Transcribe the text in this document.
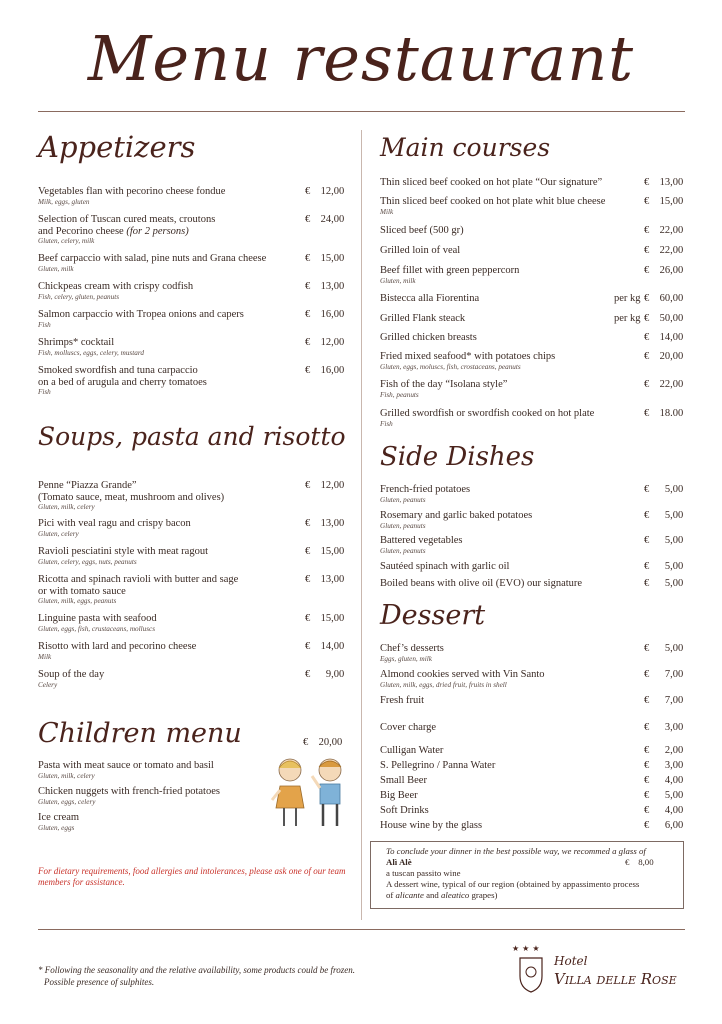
Menu restaurant
Appetizers
Soups, pasta and risotto
Children menu
Main courses
Side Dishes
Dessert
Vegetables flan with pecorino cheese fondue
Milk, eggs, gluten
€ 12,00
Selection of Tuscan cured meats, croutons
and Pecorino cheese (for 2 persons)
Gluten, celery, milk
€ 24,00
Beef carpaccio with salad, pine nuts and Grana cheese
Gluten, milk
€ 15,00
Chickpeas cream with crispy codfish
Fish, celery, gluten, peanuts
€ 13,00
Salmon carpaccio with Tropea onions and capers
Fish
€ 16,00
Shrimps* cocktail
Fish, molluscs, eggs, celery, mustard
€ 12,00
Smoked swordfish and tuna carpaccio
on a bed of arugula and cherry tomatoes
Fish
€ 16,00
Penne “Piazza Grande”
(Tomato sauce, meat, mushroom and olives)
Gluten, milk, celery
€ 12,00
Pici with veal ragu and crispy bacon
Gluten, celery
€ 13,00
Ravioli pesciatini style with meat ragout
Gluten, celery, eggs, nuts, peanuts
€ 15,00
Ricotta and spinach ravioli with butter and sage
or with tomato sauce
Gluten, milk, eggs, peanuts
€ 13,00
Linguine pasta with seafood
Gluten, eggs, fish, crustaceans, molluscs
€ 15,00
Risotto with lard and pecorino cheese
Milk
€ 14,00
Soup of the day
Celery
€ 9,00
Pasta with meat sauce or tomato and basil
Gluten, milk, celery
Chicken nuggets with french-fried potatoes
Gluten, eggs, celery
Ice cream
Gluten, eggs
€ 20,00
Thin sliced beef cooked on hot plate “Our signature”	€ 13,00
Thin sliced beef cooked on hot plate whit blue cheese
Milk
€ 15,00
Sliced beef (500 gr)	€ 22,00
Grilled loin of veal	€ 22,00
Beef fillet with green peppercorn
Gluten, milk
€ 26,00
Bistecca alla Fiorentina	per kg € 60,00
Grilled Flank steack	per kg € 50,00
Grilled chicken breasts	€ 14,00
Fried mixed seafood* with potatoes chips
Gluten, eggs, moluscs, fish, crostaceans, peanuts
€ 20,00
Fish of the day “Isolana style”
Fish, peanuts
€ 22,00
Grilled swordfish or swordfish cooked on hot plate
Fish
€ 18.00
French-fried potatoes
Gluten, peanuts
€ 5,00
Rosemary and garlic baked potatoes
Gluten, peanuts
€ 5,00
Battered vegetables
Gluten, peanuts
€ 5,00
Sautéed spinach with garlic oil	€ 5,00
Boiled beans with olive oil (EVO) our signature	€ 5,00
Chef’s desserts
Eggs, gluten, milk
€ 5,00
Almond cookies served with Vin Santo
Gluten, milk, eggs, dried fruit, fruits in shell
€ 7,00
Fresh fruit	€ 7,00
Cover charge	€ 3,00
Culligan Water	€ 2,00
S. Pellegrino / Panna Water	€ 3,00
Small Beer	€ 4,00
Big Beer	€ 5,00
Soft Drinks	€ 4,00
House wine by the glass	€ 6,00
For dietary requirements, food allergies and intolerances, please ask one of our team members for assistance.
To conclude your dinner in the best possible way, we recommed a glass of
Alì Alè	€ 8,00
a tuscan passito wine
A dessert wine, typical of our region (obtained by appassimento process
of alicante and aleatico grapes)
* Following the seasonality and the relative availability, some products could be frozen.
Possible presence of sulphites.
★★★
Hotel
Villa delle Rose
